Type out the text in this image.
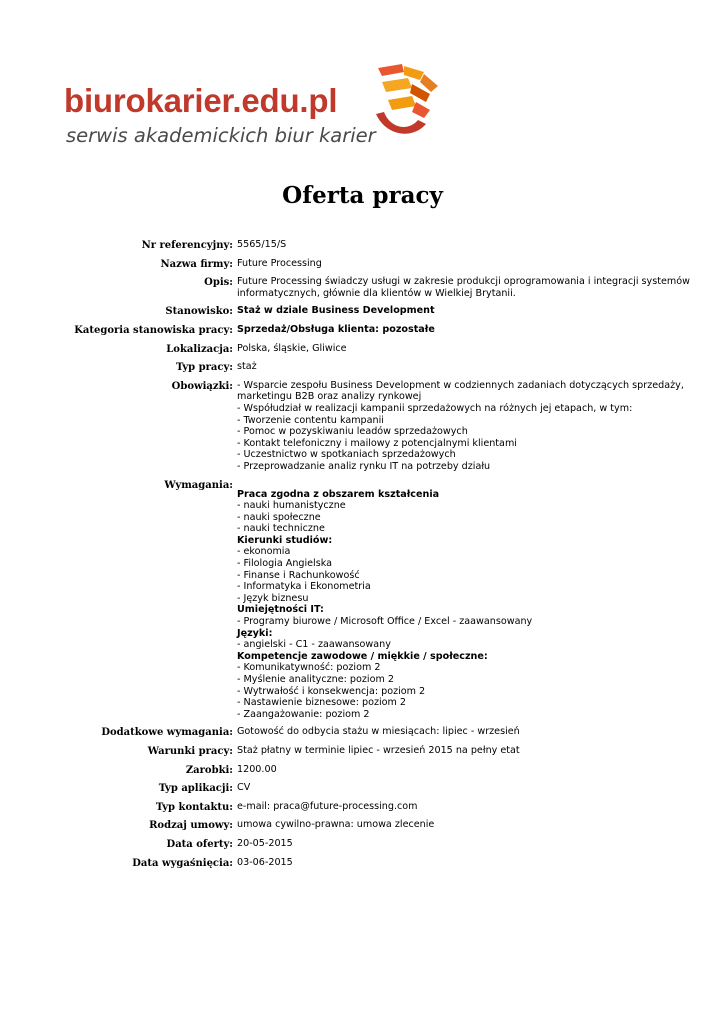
biurokarier.edu.pl
serwis akademickich biur karier
Oferta pracy
Nr referencyjny: 5565/15/S
Nazwa firmy: Future Processing
Opis: Future Processing świadczy usługi w zakresie produkcji oprogramowania i integracji systemów
informatycznych, głównie dla klientów w Wielkiej Brytanii.
Stanowisko: Staż w dziale Business Development
Kategoria stanowiska pracy: Sprzedaż/Obsługa klienta: pozostałe
Lokalizacja: Polska, śląskie, Gliwice
Typ pracy: staż
Obowiązki: - Wsparcie zespołu Business Development w codziennych zadaniach dotyczących sprzedaży,
marketingu B2B oraz analizy rynkowej
- Współudział w realizacji kampanii sprzedażowych na różnych jej etapach, w tym:
- Tworzenie contentu kampanii
- Pomoc w pozyskiwaniu leadów sprzedażowych
- Kontakt telefoniczny i mailowy z potencjalnymi klientami
- Uczestnictwo w spotkaniach sprzedażowych
- Przeprowadzanie analiz rynku IT na potrzeby działu
Wymagania:
Praca zgodna z obszarem kształcenia
- nauki humanistyczne
- nauki społeczne
- nauki techniczne
Kierunki studiów:
- ekonomia
- Filologia Angielska
- Finanse i Rachunkowość
- Informatyka i Ekonometria
- Język biznesu
Umiejętności IT:
- Programy biurowe / Microsoft Office / Excel - zaawansowany
Języki:
- angielski - C1 - zaawansowany
Kompetencje zawodowe / miękkie / społeczne:
- Komunikatywność: poziom 2
- Myślenie analityczne: poziom 2
- Wytrwałość i konsekwencja: poziom 2
- Nastawienie biznesowe: poziom 2
- Zaangażowanie: poziom 2
Dodatkowe wymagania: Gotowość do odbycia stażu w miesiącach: lipiec - wrzesień
Warunki pracy: Staż płatny w terminie lipiec - wrzesień 2015 na pełny etat
Zarobki: 1200.00
Typ aplikacji: CV
Typ kontaktu: e-mail: praca@future-processing.com
Rodzaj umowy: umowa cywilno-prawna: umowa zlecenie
Data oferty: 20-05-2015
Data wygaśnięcia: 03-06-2015
